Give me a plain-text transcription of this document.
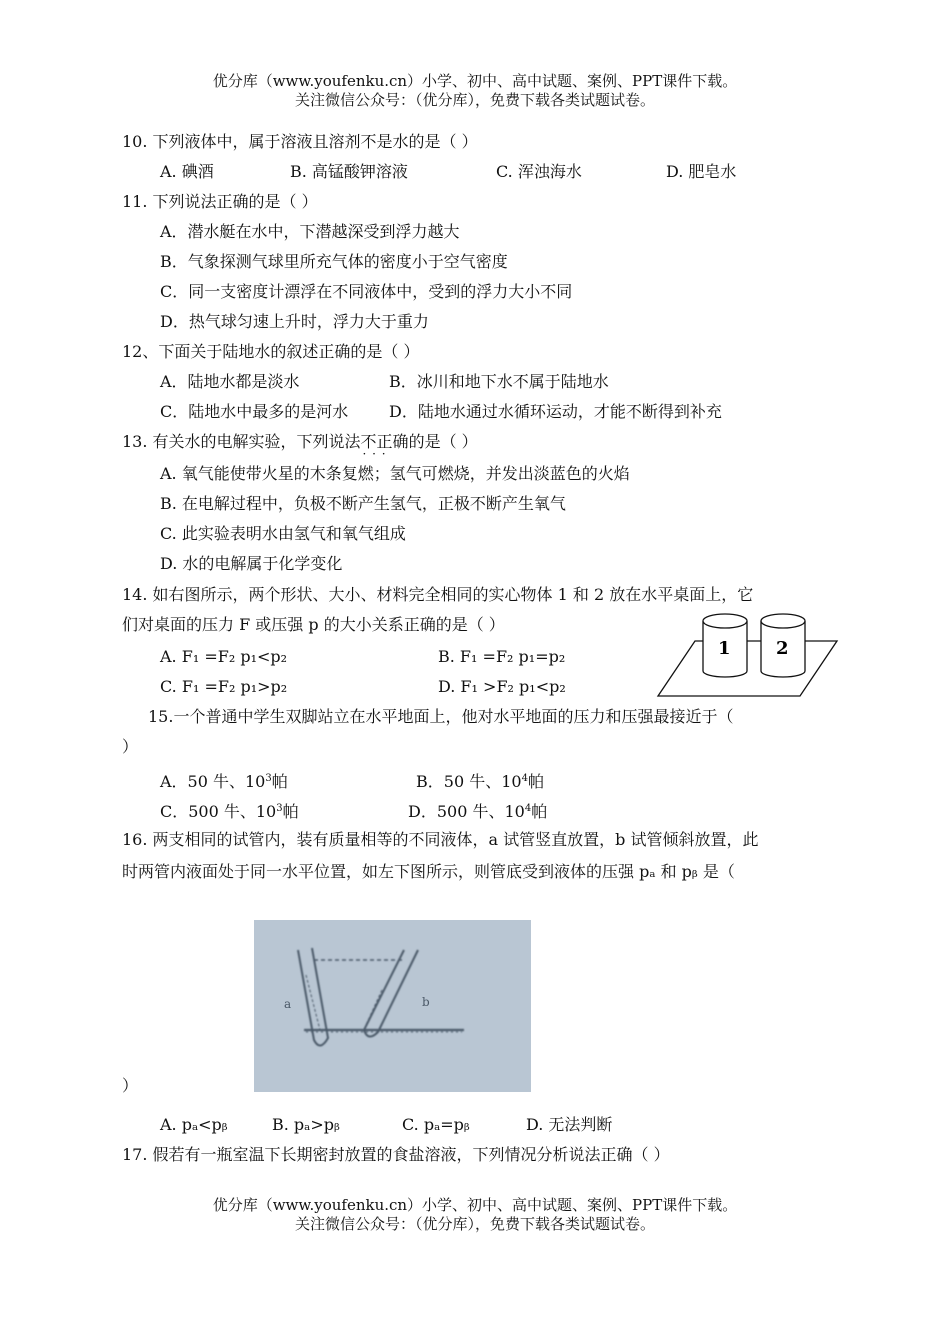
优分库（www.youfenku.cn）小学、初中、高中试题、案例、PPT课件下载。
关注微信公众号：（优分库），免费下载各类试题试卷。
10. 下列液体中，属于溶液且溶剂不是水的是（ ）
A. 碘酒	B. 高锰酸钾溶液	C. 浑浊海水	D. 肥皂水
11. 下列说法正确的是（ ）
A．潜水艇在水中，下潜越深受到浮力越大
B．气象探测气球里所充气体的密度小于空气密度
C．同一支密度计漂浮在不同液体中，受到的浮力大小不同
D．热气球匀速上升时，浮力大于重力
12、下面关于陆地水的叙述正确的是（ ）
A．陆地水都是淡水	B．冰川和地下水不属于陆地水
C．陆地水中最多的是河水	D．陆地水通过水循环运动，才能不断得到补充
13. 有关水的电解实验，下列说法不正确 · · ·的是（ ）
A. 氧气能使带火星的木条复燃；氢气可燃烧，并发出淡蓝色的火焰
B. 在电解过程中，负极不断产生氢气，正极不断产生氧气
C. 此实验表明水由氢气和氧气组成
D. 水的电解属于化学变化
14. 如右图所示，两个形状、大小、材料完全相同的实心物体 1 和 2 放在水平桌面上，它
们对桌面的压力 F 或压强 p 的大小关系正确的是（ ）
A. F₁ =F₂ p₁<p₂	B. F₁ =F₂ p₁=p₂
C. F₁ =F₂ p₁>p₂	D. F₁ >F₂ p₁<p₂
1	2
15.一个普通中学生双脚站立在水平地面上，他对水平地面的压力和压强最接近于（
）
A．50 牛、$10^3$帕	B．50 牛、$10^4$帕
C．500 牛、$10^3$帕	D．500 牛、$10^4$帕
16. 两支相同的试管内，装有质量相等的不同液体，a 试管竖直放置，b 试管倾斜放置，此
时两管内液面处于同一水平位置，如左下图所示，则管底受到液体的压强 pₐ 和 pᵦ 是（
a	b
）
A. pₐ<pᵦ	B. pₐ>pᵦ	C. pₐ=pᵦ	D. 无法判断
17. 假若有一瓶室温下长期密封放置的食盐溶液，下列情况分析说法正确（ ）
优分库（www.youfenku.cn）小学、初中、高中试题、案例、PPT课件下载。
关注微信公众号：（优分库），免费下载各类试题试卷。
